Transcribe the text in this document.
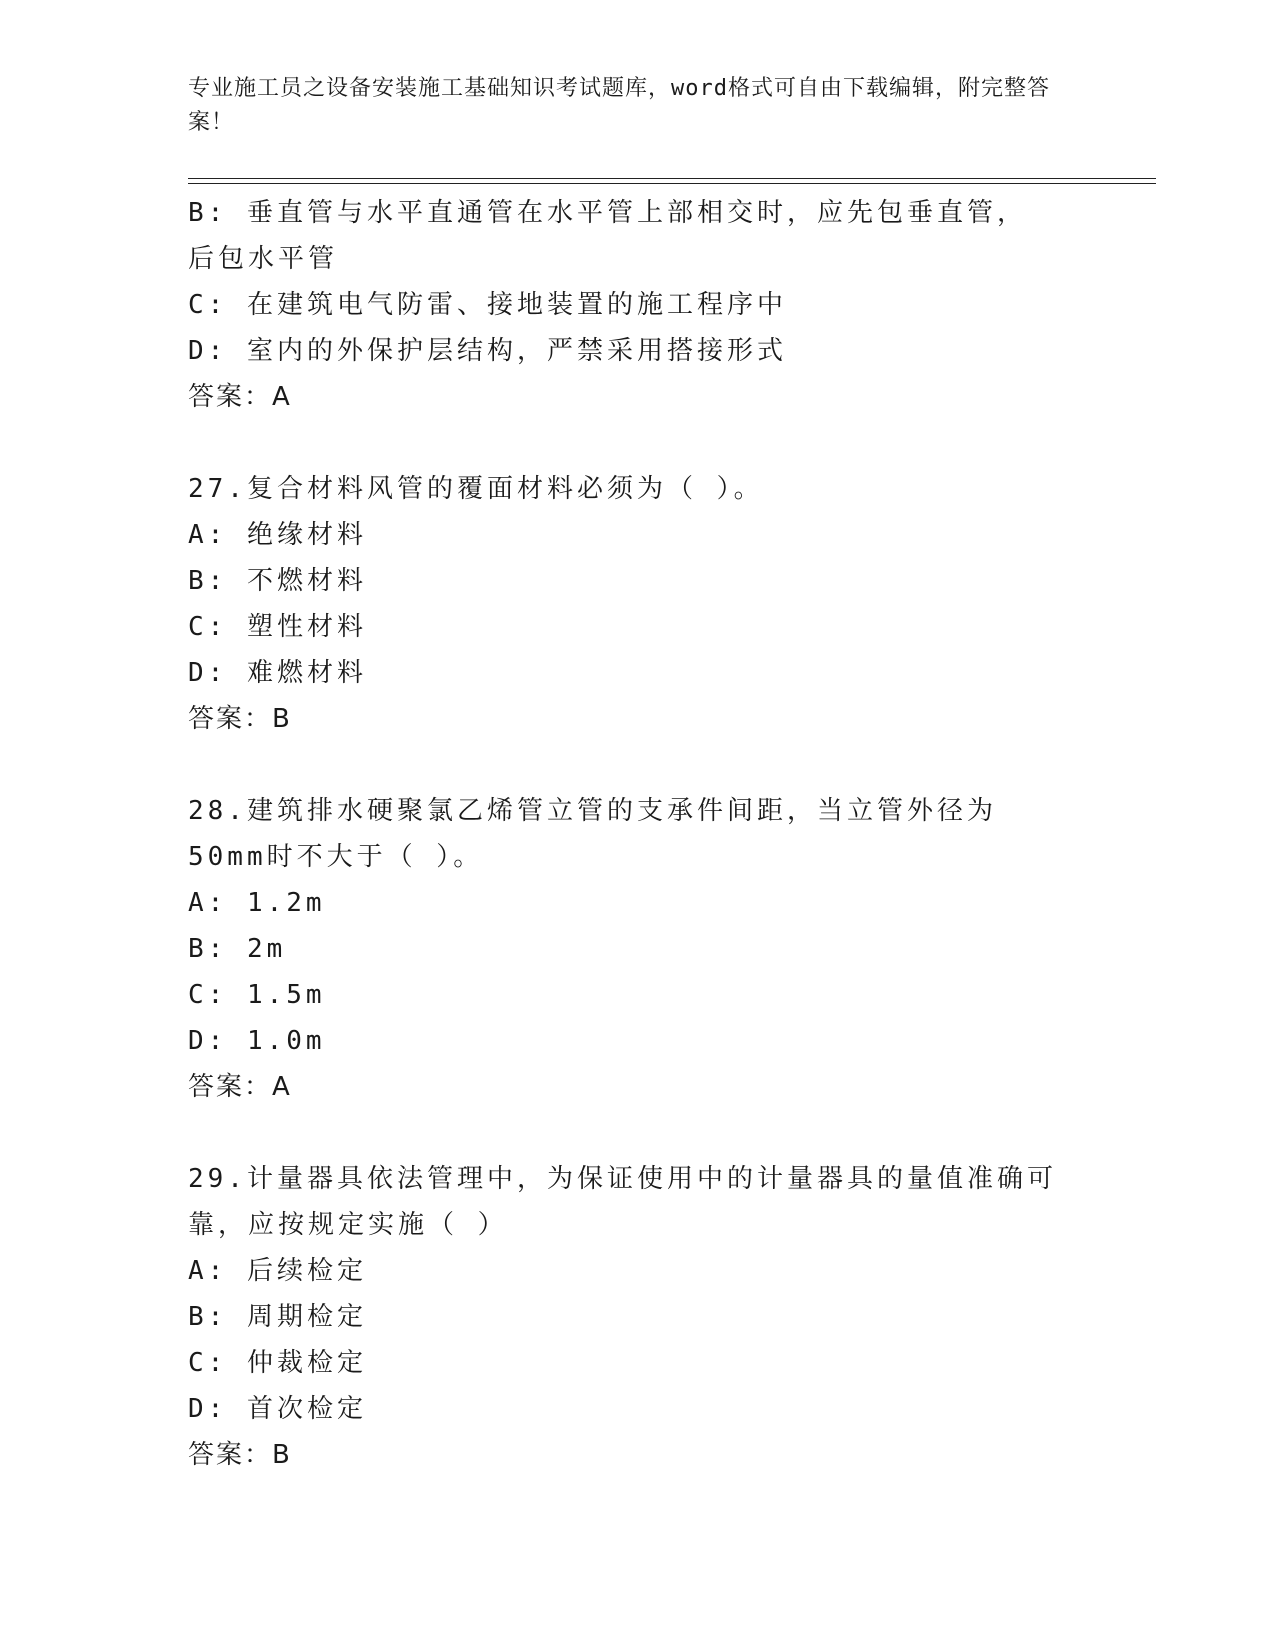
专业施工员之设备安装施工基础知识考试题库，word格式可自由下载编辑，附完整答案！
B: 垂直管与水平直通管在水平管上部相交时，应先包垂直管，后包水平管
C: 在建筑电气防雷、接地装置的施工程序中
D: 室内的外保护层结构，严禁采用搭接形式
答案：A
27.复合材料风管的覆面材料必须为（ ）。
A: 绝缘材料
B: 不燃材料
C: 塑性材料
D: 难燃材料
答案：B
28.建筑排水硬聚氯乙烯管立管的支承件间距，当立管外径为50mm时不大于（ ）。
A: 1.2m
B: 2m
C: 1.5m
D: 1.0m
答案：A
29.计量器具依法管理中，为保证使用中的计量器具的量值准确可靠，应按规定实施（ ）
A: 后续检定
B: 周期检定
C: 仲裁检定
D: 首次检定
答案：B
